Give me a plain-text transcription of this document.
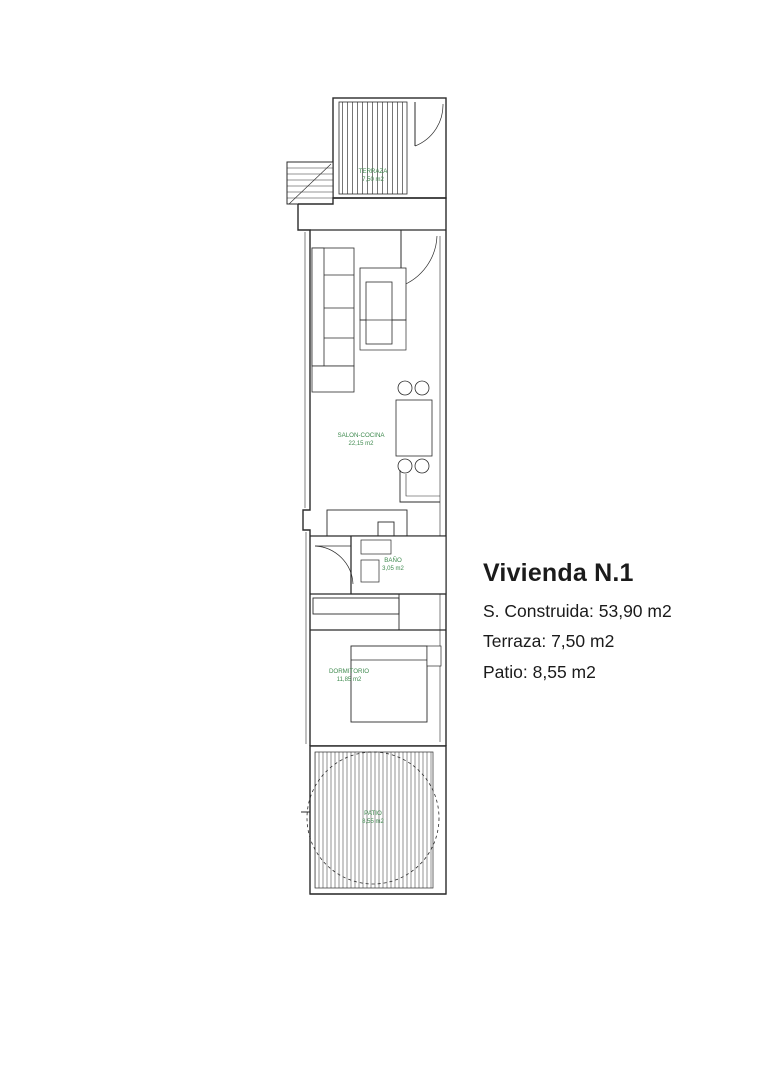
TERRAZA
7,50 m2
SALON-COCINA
22,15 m2
BAÑO
3,05 m2
DORMITORIO
11,85 m2
PATIO
8,55 m2
Vivienda N.1

S. Construida: 53,90 m2

Terraza: 7,50 m2

Patio: 8,55 m2
